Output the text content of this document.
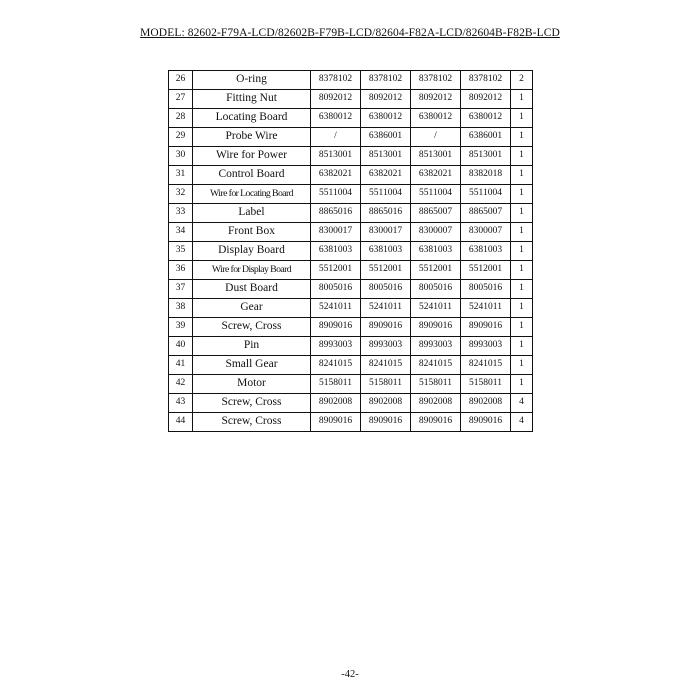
MODEL: 82602-F79A-LCD/82602B-F79B-LCD/82604-F82A-LCD/82604B-F82B-LCD
26	O-ring	8378102	8378102	8378102	8378102	2
27	Fitting Nut	8092012	8092012	8092012	8092012	1
28	Locating Board	6380012	6380012	6380012	6380012	1
29	Probe Wire	/	6386001	/	6386001	1
30	Wire for Power	8513001	8513001	8513001	8513001	1
31	Control Board	6382021	6382021	6382021	8382018	1
32	Wire for Locating Board	5511004	5511004	5511004	5511004	1
33	Label	8865016	8865016	8865007	8865007	1
34	Front Box	8300017	8300017	8300007	8300007	1
35	Display Board	6381003	6381003	6381003	6381003	1
36	Wire for Display Board	5512001	5512001	5512001	5512001	1
37	Dust Board	8005016	8005016	8005016	8005016	1
38	Gear	5241011	5241011	5241011	5241011	1
39	Screw, Cross	8909016	8909016	8909016	8909016	1
40	Pin	8993003	8993003	8993003	8993003	1
41	Small Gear	8241015	8241015	8241015	8241015	1
42	Motor	5158011	5158011	5158011	5158011	1
43	Screw, Cross	8902008	8902008	8902008	8902008	4
44	Screw, Cross	8909016	8909016	8909016	8909016	4
-42-
